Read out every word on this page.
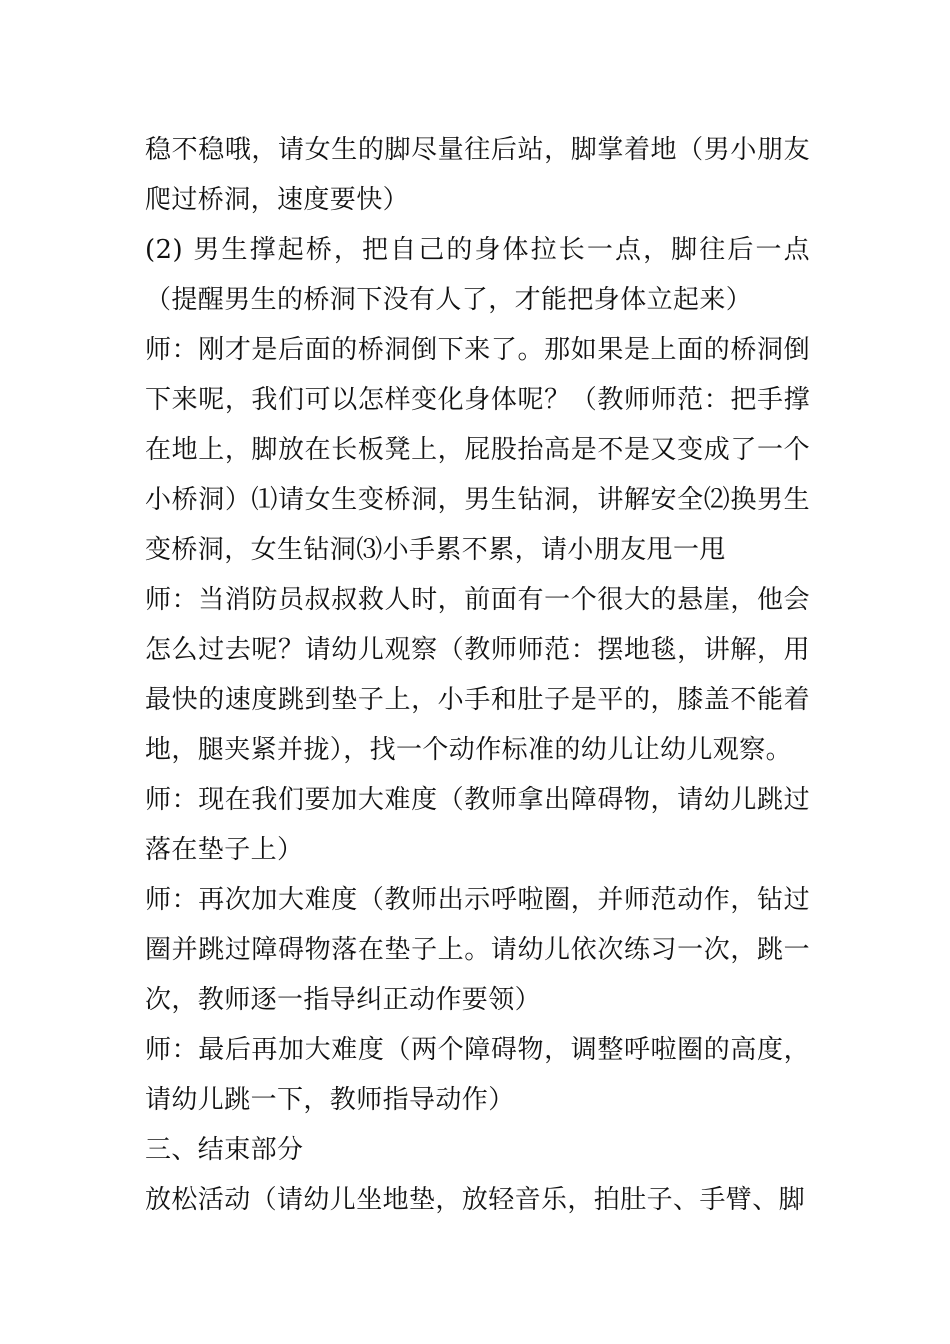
稳不稳哦，请女生的脚尽量往后站，脚掌着地（男小朋友爬过桥洞，速度要快）

(2) 男生撑起桥，把自己的身体拉长一点，脚往后一点（提醒男生的桥洞下没有人了，才能把身体立起来）

师：刚才是后面的桥洞倒下来了。那如果是上面的桥洞倒下来呢，我们可以怎样变化身体呢？（教师师范：把手撑在地上，脚放在长板凳上，屁股抬高是不是又变成了一个小桥洞）⑴请女生变桥洞，男生钻洞，讲解安全⑵换男生变桥洞，女生钻洞⑶小手累不累，请小朋友甩一甩

师：当消防员叔叔救人时，前面有一个很大的悬崖，他会怎么过去呢？请幼儿观察（教师师范：摆地毯，讲解，用最快的速度跳到垫子上，小手和肚子是平的，膝盖不能着地，腿夹紧并拢），找一个动作标准的幼儿让幼儿观察。

师：现在我们要加大难度（教师拿出障碍物，请幼儿跳过落在垫子上）

师：再次加大难度（教师出示呼啦圈，并师范动作，钻过圈并跳过障碍物落在垫子上。请幼儿依次练习一次，跳一次，教师逐一指导纠正动作要领）

师：最后再加大难度（两个障碍物，调整呼啦圈的高度，请幼儿跳一下，教师指导动作）

三、结束部分

放松活动（请幼儿坐地垫，放轻音乐，拍肚子、手臂、脚
